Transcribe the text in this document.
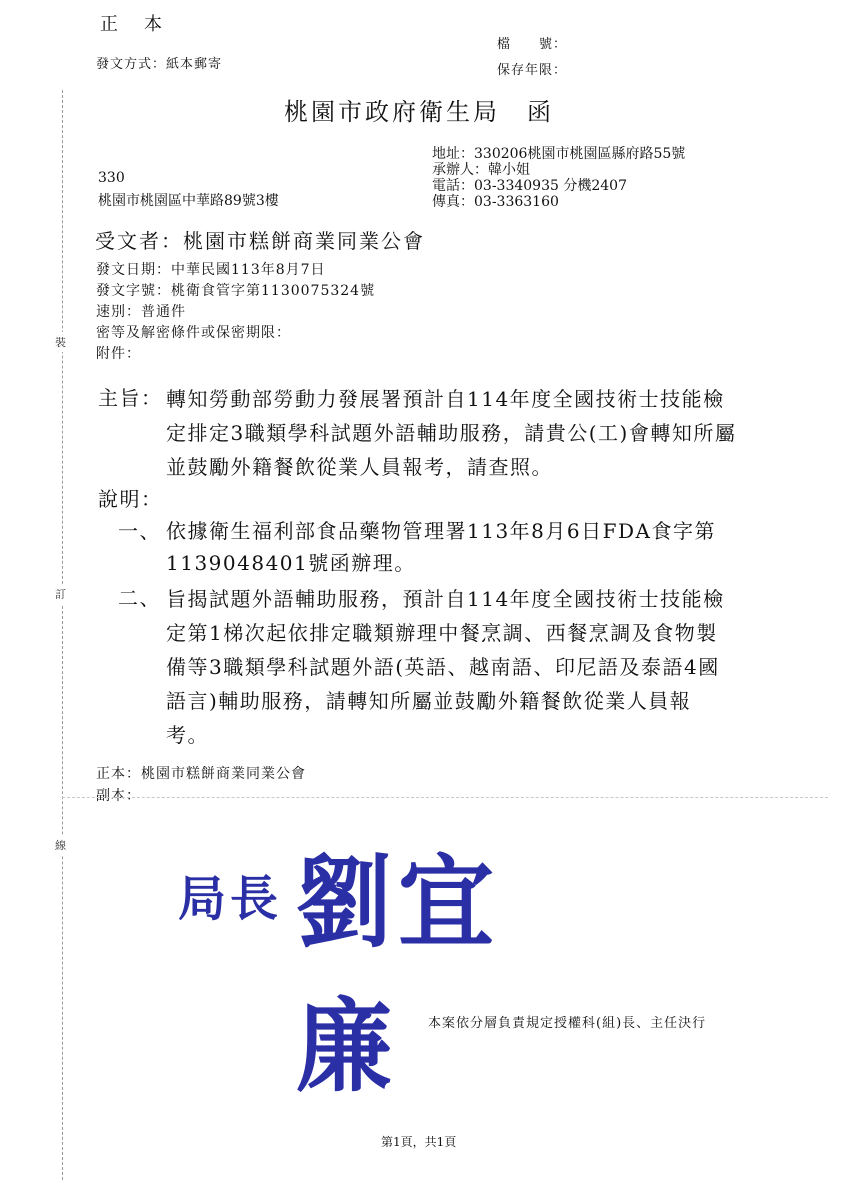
裝
訂
線
正　本
發文方式：紙本郵寄
檔　　號：
保存年限：
桃園市政府衛生局　函
地址：330206桃園市桃園區縣府路55號
承辦人：韓小姐
電話：03-3340935 分機2407
傳真：03-3363160
330
桃園市桃園區中華路89號3樓
受文者：桃園市糕餅商業同業公會
發文日期：中華民國113年8月7日
發文字號：桃衛食管字第1130075324號
速別：普通件
密等及解密條件或保密期限：
附件：
主旨： 轉知勞動部勞動力發展署預計自114年度全國技術士技能檢
定排定3職類學科試題外語輔助服務，請貴公(工)會轉知所屬
並鼓勵外籍餐飲從業人員報考，請查照。
說明：
一、 依據衛生福利部食品藥物管理署113年8月6日FDA食字第
1139048401號函辦理。
二、 旨揭試題外語輔助服務，預計自114年度全國技術士技能檢
定第1梯次起依排定職類辦理中餐烹調、西餐烹調及食物製
備等3職類學科試題外語(英語、越南語、印尼語及泰語4國
語言)輔助服務，請轉知所屬並鼓勵外籍餐飲從業人員報
考。
正本：桃園市糕餅商業同業公會
副本：
局長 劉宜廉	本案依分層負責規定授權科(組)長、主任決行
第1頁，共1頁
